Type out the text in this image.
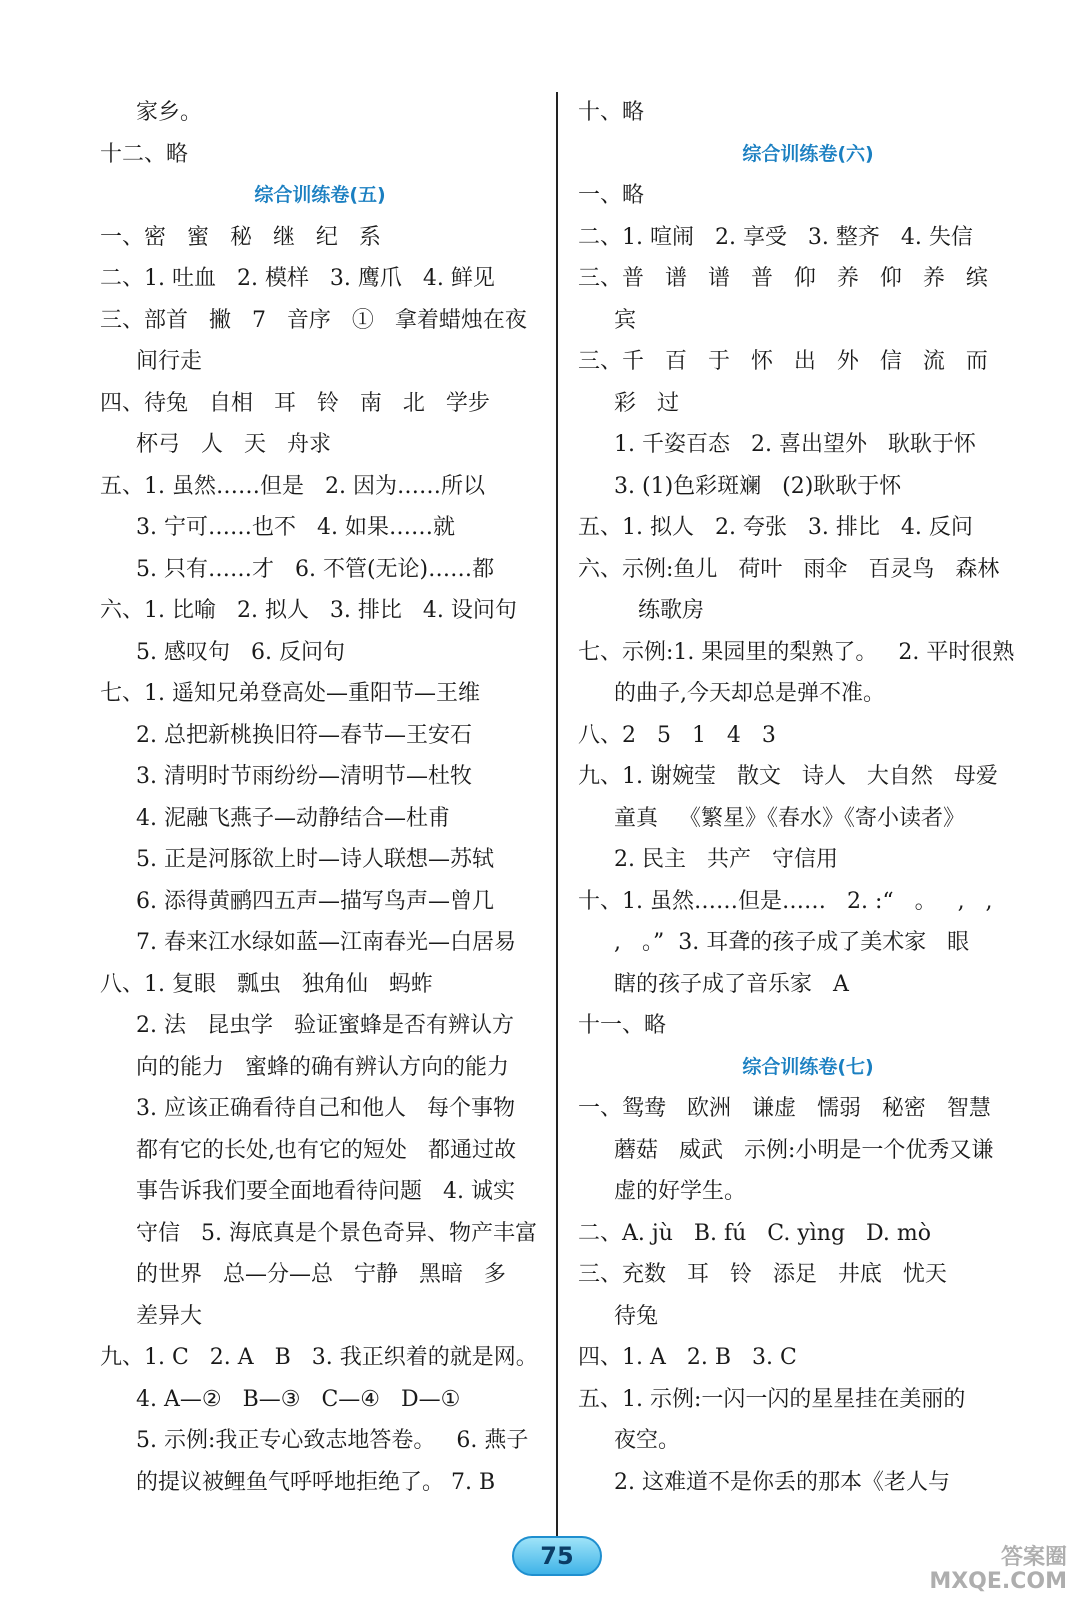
家乡。
十二、略
综合训练卷(五)
一、密   蜜   秘   继   纪   系
二、1. 吐血   2. 模样   3. 鹰爪   4. 鲜见
三、部首   撇   7   音序   ①   拿着蜡烛在夜
间行走
四、待兔   自相   耳   铃   南   北   学步
杯弓   人   天   舟求
五、1. 虽然……但是   2. 因为……所以
3. 宁可……也不   4. 如果……就
5. 只有……才   6. 不管(无论)……都
六、1. 比喻   2. 拟人   3. 排比   4. 设问句
5. 感叹句   6. 反问句
七、1. 遥知兄弟登高处—重阳节—王维
2. 总把新桃换旧符—春节—王安石
3. 清明时节雨纷纷—清明节—杜牧
4. 泥融飞燕子—动静结合—杜甫
5. 正是河豚欲上时—诗人联想—苏轼
6. 添得黄鹂四五声—描写鸟声—曾几
7. 春来江水绿如蓝—江南春光—白居易
八、1. 复眼   瓢虫   独角仙   蚂蚱
2. 法   昆虫学   验证蜜蜂是否有辨认方
向的能力   蜜蜂的确有辨认方向的能力
3. 应该正确看待自己和他人   每个事物
都有它的长处,也有它的短处   都通过故
事告诉我们要全面地看待问题   4. 诚实
守信   5. 海底真是个景色奇异、物产丰富
的世界   总—分—总   宁静   黑暗   多
差异大
九、1. C   2. A   B   3. 我正织着的就是网。
4. A—②   B—③   C—④   D—①
5. 示例:我正专心致志地答卷。   6. 燕子
的提议被鲤鱼气呼呼地拒绝了。 7. B
十、略
综合训练卷(六)
一、略
二、1. 喧闹   2. 享受   3. 整齐   4. 失信
三、普   谱   谱   普   仰   养   仰   养   缤
宾
三、千   百   于   怀   出   外   信   流   而
彩   过
1. 千姿百态   2. 喜出望外   耿耿于怀
3. (1)色彩斑斓   (2)耿耿于怀
五、1. 拟人   2. 夸张   3. 排比   4. 反问
六、示例:鱼儿   荷叶   雨伞   百灵鸟   森林
练歌房
七、示例:1. 果园里的梨熟了。   2. 平时很熟
的曲子,今天却总是弹不准。
八、2   5   1   4   3
九、1. 谢婉莹   散文   诗人   大自然   母爱
童真   《繁星》《春水》《寄小读者》
2. 民主   共产   守信用
十、1. 虽然……但是……   2. :“   。   ,   ,
,   。”  3. 耳聋的孩子成了美术家   眼
瞎的孩子成了音乐家   A
十一、略
综合训练卷(七)
一、鸳鸯   欧洲   谦虚   懦弱   秘密   智慧
蘑菇   威武   示例:小明是一个优秀又谦
虚的好学生。
二、A. jù   B. fú   C. yìng   D. mò
三、充数   耳   铃   添足   井底   忧天
待兔
四、1. A   2. B   3. C
五、1. 示例:一闪一闪的星星挂在美丽的
夜空。
2. 这难道不是你丢的那本《老人与
75	答案圈
MXQE.COM
